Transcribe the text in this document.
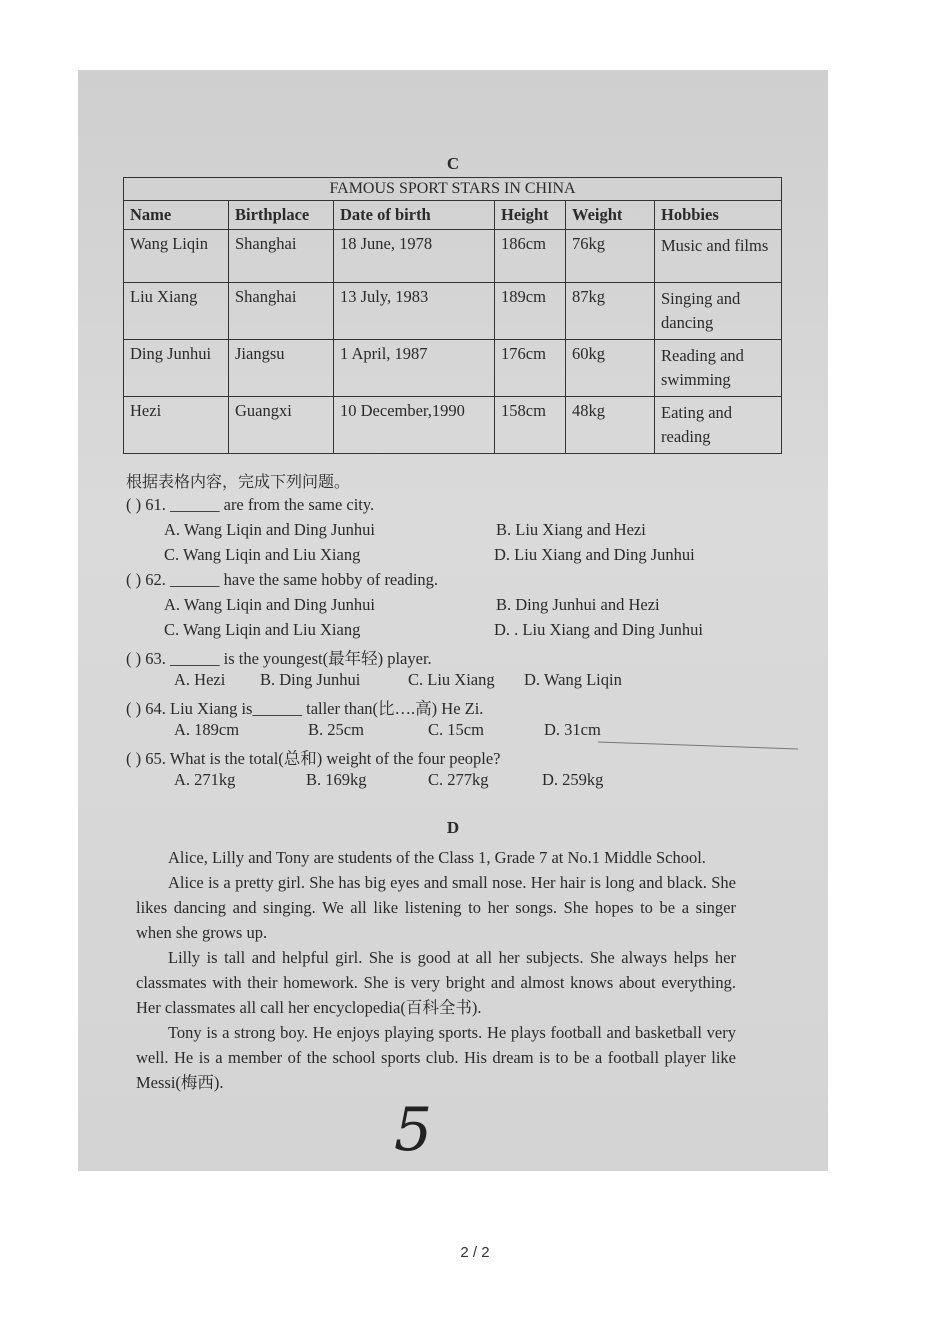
C
FAMOUS SPORT STARS IN CHINA					
Name	Birthplace	Date of birth	Height	Weight	Hobbies
Wang Liqin	Shanghai	18 June, 1978	186cm	76kg	Music and films
Liu Xiang	Shanghai	13 July, 1983	189cm	87kg	Singing and dancing
Ding Junhui	Jiangsu	1 April, 1987	176cm	60kg	Reading and swimming
Hezi	Guangxi	10 December,1990	158cm	48kg	Eating and reading
根据表格内容，完成下列问题。
( ) 61. ______ are from the same city.
A. Wang Liqin and Ding Junhui	B. Liu Xiang and Hezi
C. Wang Liqin and Liu Xiang	D. Liu Xiang and Ding Junhui
( ) 62. ______ have the same hobby of reading.
A. Wang Liqin and Ding Junhui	B. Ding Junhui and Hezi
C. Wang Liqin and Liu Xiang	D. . Liu Xiang and Ding Junhui
( ) 63. ______ is the youngest(最年轻) player.
A. Hezi B. Ding Junhui	C. Liu Xiang D. Wang Liqin
( ) 64. Liu Xiang is______ taller than(比….高) He Zi.
A. 189cm	B. 25cm	C. 15cm	D. 31cm
( ) 65. What is the total(总和) weight of the four people?
A. 271kg	B. 169kg	C. 277kg	D. 259kg
D

Alice, Lilly and Tony are students of the Class 1, Grade 7 at No.1 Middle School.

Alice is a pretty girl. She has big eyes and small nose. Her hair is long and black. She likes dancing and singing. We all like listening to her songs. She hopes to be a singer when she grows up.

Lilly is tall and helpful girl. She is good at all her subjects. She always helps her classmates with their homework. She is very bright and almost knows about everything. Her classmates all call her encyclopedia(百科全书).

Tony is a strong boy. He enjoys playing sports. He plays football and basketball very well. He is a member of the school sports club. His dream is to be a football player like Messi(梅西).

5
2 / 2
